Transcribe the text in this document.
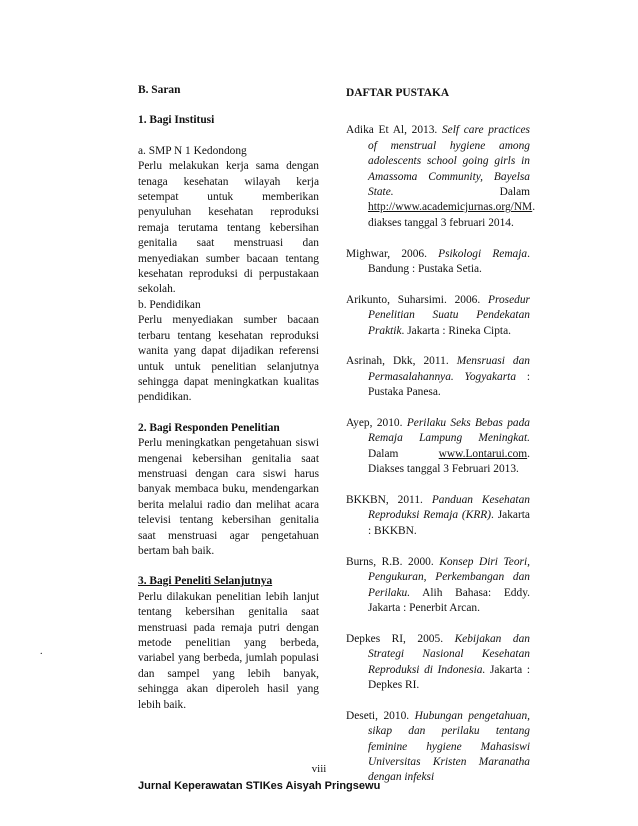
B. Saran
1. Bagi Institusi
a. SMP N 1 Kedondong
Perlu melakukan kerja sama dengan tenaga kesehatan wilayah kerja setempat untuk memberikan penyuluhan kesehatan reproduksi remaja terutama tentang kebersihan genitalia saat menstruasi dan menyediakan sumber bacaan tentang kesehatan reproduksi di perpustakaan sekolah.
b. Pendidikan
Perlu menyediakan sumber bacaan terbaru tentang kesehatan reproduksi wanita yang dapat dijadikan referensi untuk untuk penelitian selanjutnya sehingga dapat meningkatkan kualitas pendidikan.
2. Bagi Responden Penelitian
Perlu meningkatkan pengetahuan siswi mengenai kebersihan genitalia saat menstruasi dengan cara siswi harus banyak membaca buku, mendengarkan berita melalui radio dan melihat acara televisi tentang kebersihan genitalia saat menstruasi agar pengetahuan bertam bah baik.
3. Bagi Peneliti Selanjutnya
Perlu dilakukan penelitian lebih lanjut tentang kebersihan genitalia saat menstruasi pada remaja putri dengan metode penelitian yang berbeda, variabel yang berbeda, jumlah populasi dan sampel yang lebih banyak, sehingga akan diperoleh hasil yang lebih baik.
DAFTAR PUSTAKA
Adika Et Al, 2013. Self care practices of menstrual hygiene among adolescents school going girls in Amassoma Community, Bayelsa State.	Dalam http://www.academicjurnas.org/NM. diakses tanggal 3 februari 2014.
Mighwar, 2006. Psikologi Remaja. Bandung : Pustaka Setia.
Arikunto, Suharsimi. 2006. Prosedur Penelitian Suatu Pendekatan Praktik. Jakarta : Rineka Cipta.
Asrinah, Dkk, 2011. Mensruasi dan Permasalahannya. Yogyakarta : Pustaka Panesa.
Ayep, 2010. Perilaku Seks Bebas pada Remaja Lampung Meningkat. Dalam www.Lontarui.com. Diakses tanggal 3 Februari 2013.
BKKBN, 2011. Panduan Kesehatan Reproduksi Remaja (KRR). Jakarta : BKKBN.
Burns, R.B. 2000. Konsep Diri Teori, Pengukuran, Perkembangan dan Perilaku. Alih Bahasa: Eddy. Jakarta : Penerbit Arcan.
Depkes RI, 2005. Kebijakan dan Strategi Nasional Kesehatan Reproduksi di Indonesia. Jakarta : Depkes RI.
Deseti, 2010. Hubungan pengetahuan, sikap dan perilaku tentang feminine hygiene Mahasiswi Universitas Kristen Maranatha dengan infeksi
.
viii
Jurnal Keperawatan STIKes Aisyah Pringsewu
